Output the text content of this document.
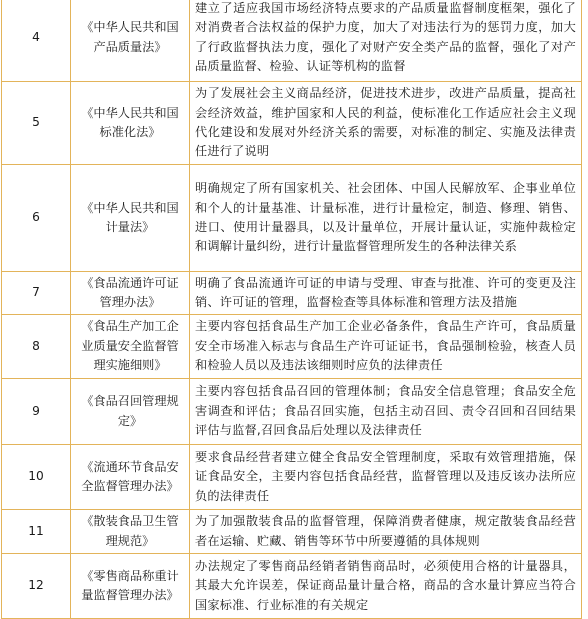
4	《中华人民共和国产品质量法》	建立了适应我国市场经济特点要求的产品质量监督制度框架，强化了对消费者合法权益的保护力度，加大了对违法行为的惩罚力度，加大了行政监督执法力度，强化了对财产安全类产品的监督，强化了对产品质量监督、检验、认证等机构的监督
5	《中华人民共和国标准化法》	为了发展社会主义商品经济，促进技术进步，改进产品质量，提高社会经济效益，维护国家和人民的利益，使标准化工作适应社会主义现代化建设和发展对外经济关系的需要，对标准的制定、实施及法律责任进行了说明
6	《中华人民共和国计量法》	明确规定了所有国家机关、社会团体、中国人民解放军、企事业单位和个人的计量基准、计量标准，进行计量检定，制造、修理、销售、进口、使用计量器具，以及计量单位，开展计量认证，实施仲裁检定和调解计量纠纷，进行计量监督管理所发生的各种法律关系
7	《食品流通许可证管理办法》	明确了食品流通许可证的申请与受理、审查与批准、许可的变更及注销、许可证的管理，监督检查等具体标准和管理方法及措施
8	《食品生产加工企业质量安全监督管理实施细则》	主要内容包括食品生产加工企业必备条件，食品生产许可，食品质量安全市场准入标志与食品生产许可证证书，食品强制检验，核查人员和检验人员以及违法该细则时应负的法律责任
9	《食品召回管理规定》	主要内容包括食品召回的管理体制；食品安全信息管理；食品安全危害调查和评估；食品召回实施，包括主动召回、责令召回和召回结果评估与监督,召回食品后处理以及法律责任
10	《流通环节食品安全监督管理办法》	要求食品经营者建立健全食品安全管理制度，采取有效管理措施，保证食品安全，主要内容包括食品经营，监督管理以及违反该办法所应负的法律责任
11	《散装食品卫生管理规范》	为了加强散装食品的监督管理，保障消费者健康，规定散装食品经营者在运输、贮藏、销售等环节中所要遵循的具体规则
12	《零售商品称重计量监督管理办法》	办法规定了零售商品经销者销售商品时，必须使用合格的计量器具，其最大允许误差，保证商品量计量合格，商品的含水量计算应当符合国家标准、行业标准的有关规定
